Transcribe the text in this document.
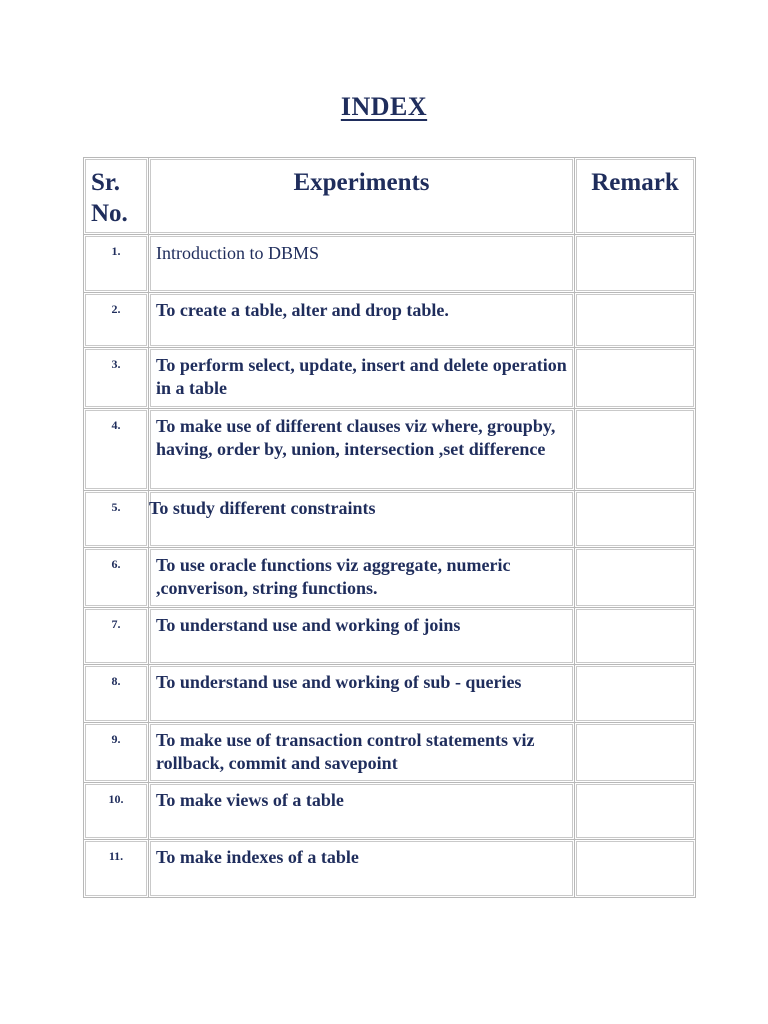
INDEX
Sr. No.	Experiments	Remark

1.	Introduction to DBMS	

2.	To create a table, alter and drop table.	

3.	To perform select, update, insert and delete operation in a table	

4.	To make use of different clauses viz where, groupby, having, order by, union, intersection ,set difference	

5.	To study different constraints	

6.	To use oracle functions viz aggregate, numeric ,converison, string functions.	

7.	To understand use and working of joins	

8.	To understand use and working of sub - queries	

9.	To make use of transaction control statements viz rollback, commit and savepoint	

10.	To make views of a table	

11.	To make indexes of a table	
